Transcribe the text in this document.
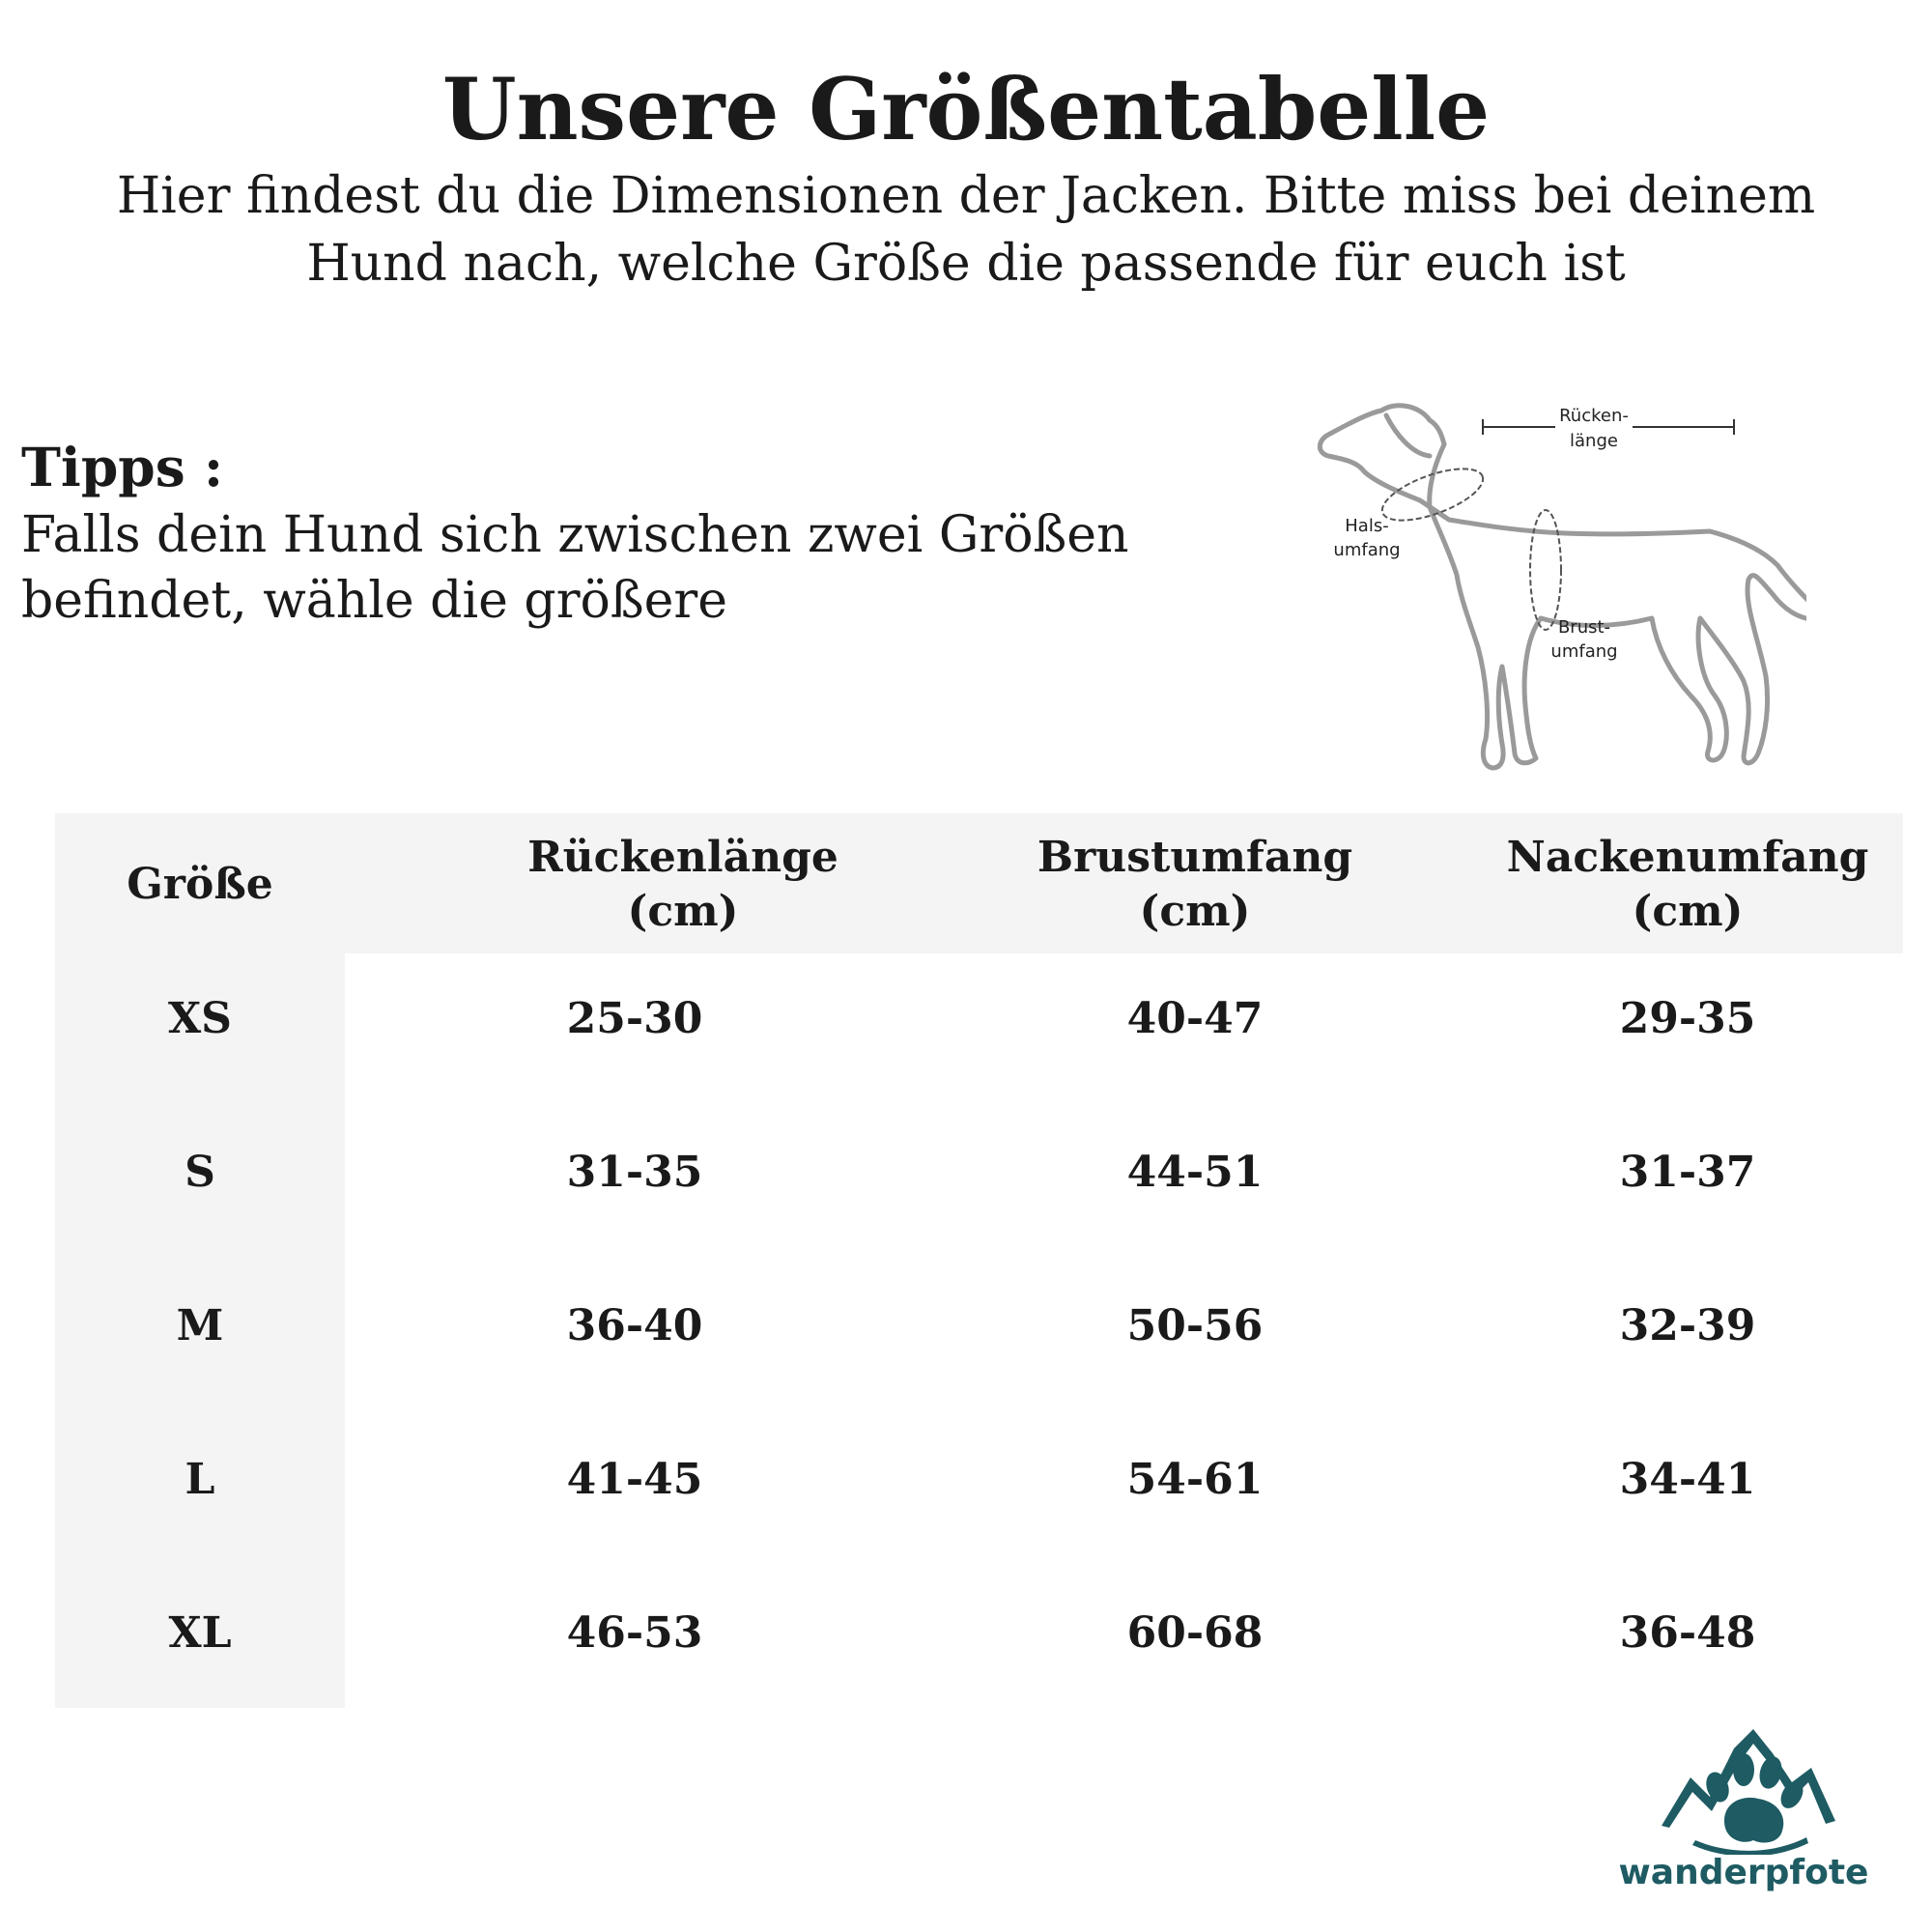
Unsere Größentabelle

Hier findest du die Dimensionen der Jacken. Bitte miss bei deinem Hund nach, welche Größe die passende für euch ist

Tipps :
Falls dein Hund sich zwischen zwei Größen befindet, wähle die größere
Rücken-
länge
Hals-
umfang
Brust-
umfang
Größe
Rückenlänge
(cm)
Brustumfang
(cm)
Nackenumfang
(cm)
XS	25-30	40-47	29-35
S	31-35	44-51	31-37
M	36-40	50-56	32-39
L	41-45	54-61	34-41
XL	46-53	60-68	36-48
wanderpfote
